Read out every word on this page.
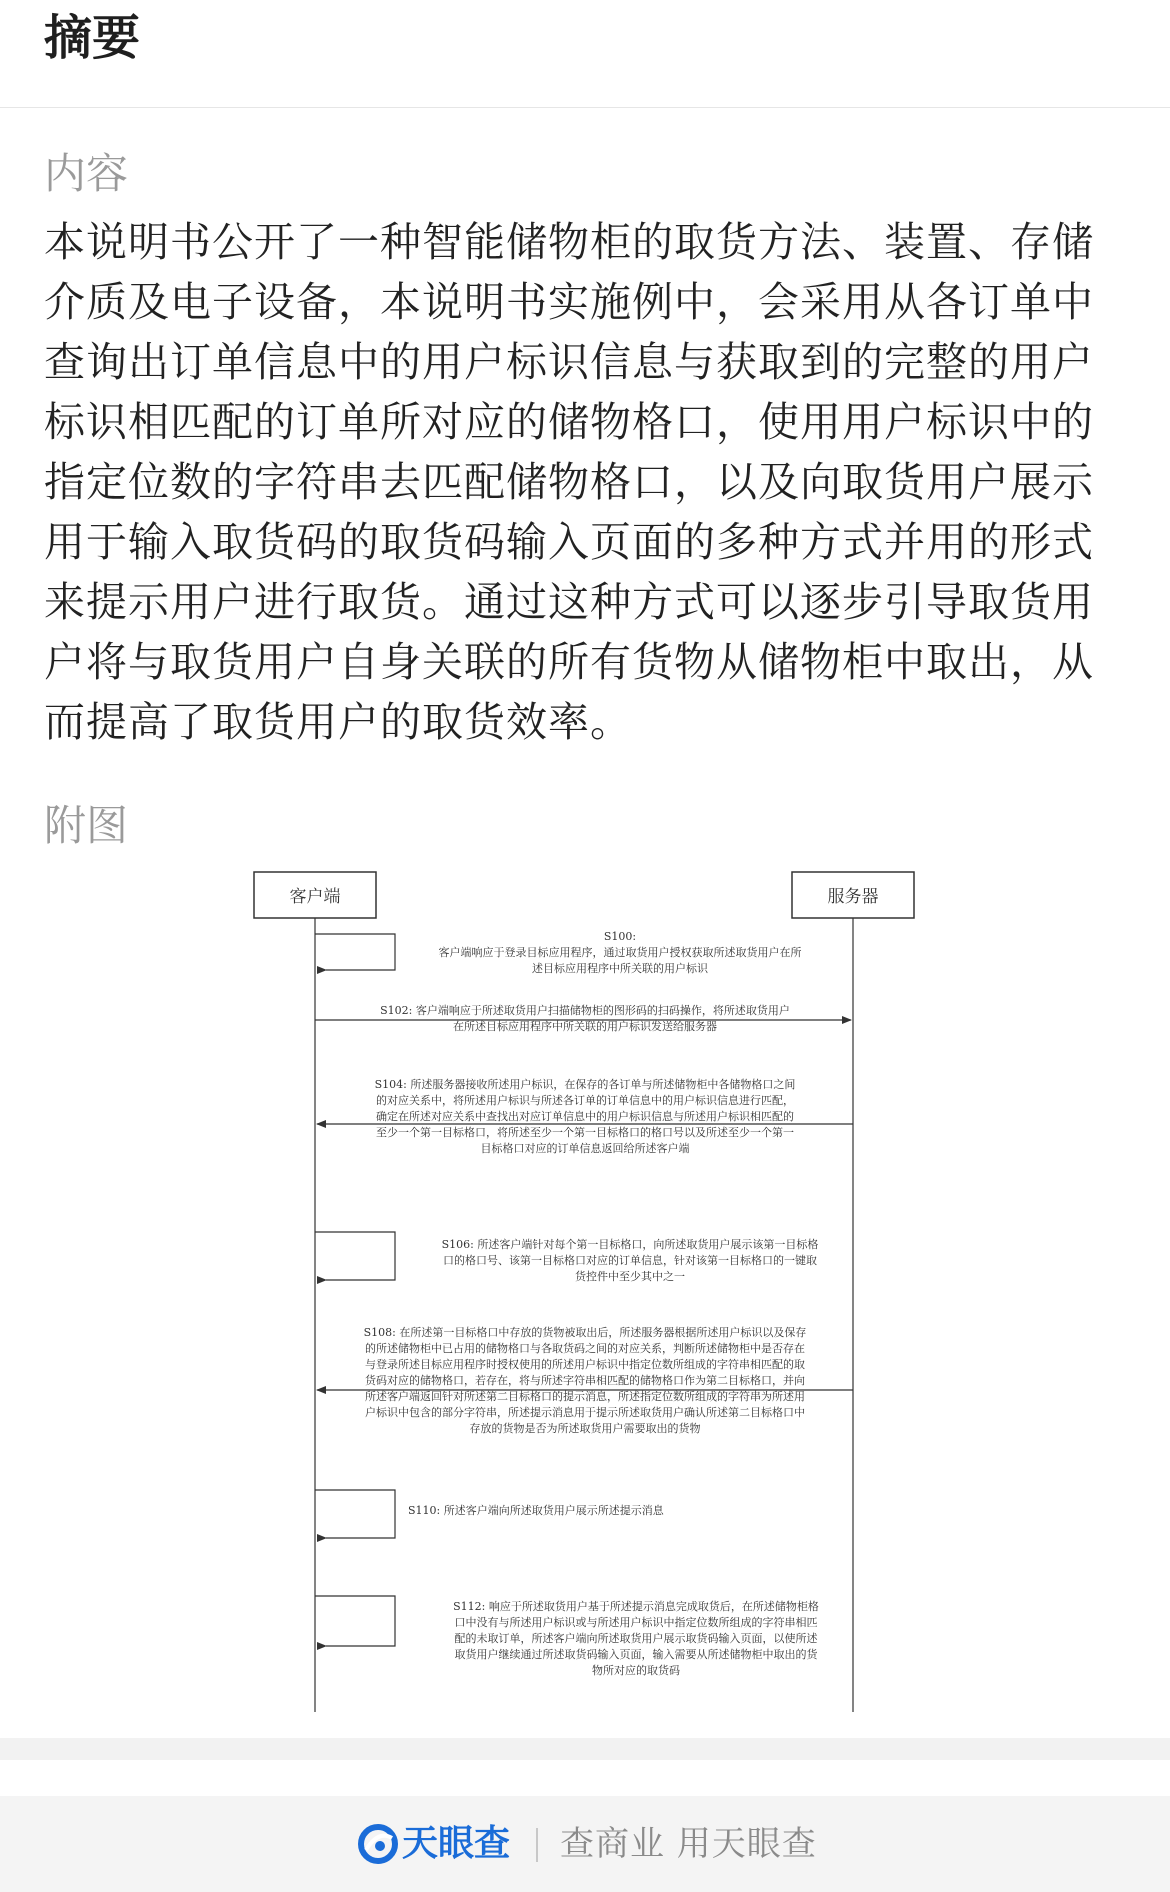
摘要
内容

本说明书公开了一种智能储物柜的取货方法、装置、存储介质及电子设备，本说明书实施例中，会采用从各订单中查询出订单信息中的用户标识信息与获取到的完整的用户标识相匹配的订单所对应的储物格口，使用用户标识中的指定位数的字符串去匹配储物格口，以及向取货用户展示用于输入取货码的取货码输入页面的多种方式并用的形式来提示用户进行取货。通过这种方式可以逐步引导取货用户将与取货用户自身关联的所有货物从储物柜中取出，从而提高了取货用户的取货效率。

附图
客户端	服务器
S100:
客户端响应于登录目标应用程序，通过取货用户授权获取所述取货用户在所
述目标应用程序中所关联的用户标识
S102: 客户端响应于所述取货用户扫描储物柜的图形码的扫码操作，将所述取货用户
在所述目标应用程序中所关联的用户标识发送给服务器
S104: 所述服务器接收所述用户标识，在保存的各订单与所述储物柜中各储物格口之间
的对应关系中，将所述用户标识与所述各订单的订单信息中的用户标识信息进行匹配，
确定在所述对应关系中查找出对应订单信息中的用户标识信息与所述用户标识相匹配的
至少一个第一目标格口，将所述至少一个第一目标格口的格口号以及所述至少一个第一
目标格口对应的订单信息返回给所述客户端
S106: 所述客户端针对每个第一目标格口，向所述取货用户展示该第一目标格
口的格口号、该第一目标格口对应的订单信息，针对该第一目标格口的一键取
货控件中至少其中之一
S108: 在所述第一目标格口中存放的货物被取出后，所述服务器根据所述用户标识以及保存
的所述储物柜中已占用的储物格口与各取货码之间的对应关系，判断所述储物柜中是否存在
与登录所述目标应用程序时授权使用的所述用户标识中指定位数所组成的字符串相匹配的取
货码对应的储物格口，若存在，将与所述字符串相匹配的储物格口作为第二目标格口，并向
所述客户端返回针对所述第二目标格口的提示消息，所述指定位数所组成的字符串为所述用
户标识中包含的部分字符串，所述提示消息用于提示所述取货用户确认所述第二目标格口中
存放的货物是否为所述取货用户需要取出的货物
S110: 所述客户端向所述取货用户展示所述提示消息
S112: 响应于所述取货用户基于所述提示消息完成取货后，在所述储物柜格
口中没有与所述用户标识或与所述用户标识中指定位数所组成的字符串相匹
配的未取订单，所述客户端向所述取货用户展示取货码输入页面，以使所述
取货用户继续通过所述取货码输入页面，输入需要从所述储物柜中取出的货
物所对应的取货码
天眼查 查商业 用天眼查
